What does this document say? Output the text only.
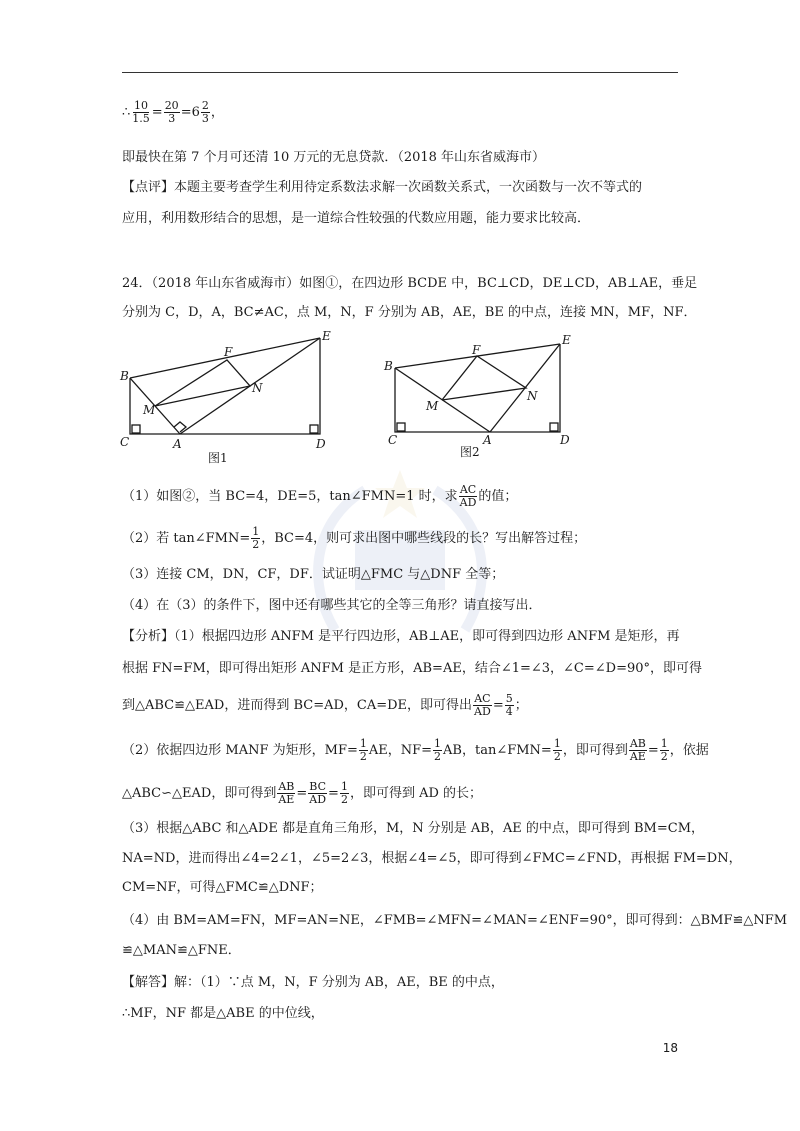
∴ $\frac{10}{1.5} = \frac{20}{3} =6 \frac{2}{3}$ ，
即最快在第 7 个月可还清 10 万元的无息贷款．（2018 年山东省威海市）
【点评】本题主要考查学生利用待定系数法求解一次函数关系式，一次函数与一次不等式的
应用，利用数形结合的思想，是一道综合性较强的代数应用题，能力要求比较高．
24．（2018 年山东省威海市）如图①，在四边形 BCDE 中，BC⊥CD，DE⊥CD，AB⊥AE，垂足
分别为 C，D，A，BC≠AC，点 M，N，F 分别为 AB，AE，BE 的中点，连接 MN，MF，NF．
B
C	A	D
E
F
M
N
图1
B
C	A	D
E
F
M
N
图2
（1）如图②，当 BC=4，DE=5，tan∠FMN=1 时，求 $\frac{AC}{AD}$ 的值；
（2）若 tan∠FMN= $\frac{1}{2}$ ，BC=4，则可求出图中哪些线段的长？写出解答过程；
（3）连接 CM，DN，CF，DF．试证明△FMC 与△DNF 全等；
（4）在（3）的条件下，图中还有哪些其它的全等三角形？请直接写出．
【分析】（1）根据四边形 ANFM 是平行四边形，AB⊥AE，即可得到四边形 ANFM 是矩形，再
根据 FN=FM，即可得出矩形 ANFM 是正方形，AB=AE，结合∠1=∠3，∠C=∠D=90°，即可得
到△ABC≌△EAD，进而得到 BC=AD，CA=DE，即可得出 $\frac{AC}{AD} = \frac{5}{4}$ ；
（2）依据四边形 MANF 为矩形，$MF= \frac{1}{2}$ AE，$NF= \frac{1}{2}$ AB，tan∠FMN= $\frac{1}{2}$ ，即可得到 $\frac{AB}{AE} = \frac{1}{2}$ ，依据
△ABC∽△EAD，即可得到 $\frac{AB}{AE} = \frac{BC}{AD} = \frac{1}{2}$ ，即可得到 AD 的长；
（3）根据△ABC 和△ADE 都是直角三角形，M，N 分别是 AB，AE 的中点，即可得到 BM=CM，
NA=ND，进而得出∠4=2∠1，∠5=2∠3，根据∠4=∠5，即可得到∠FMC=∠FND，再根据 FM=DN，
CM=NF，可得△FMC≌△DNF；
（4）由 BM=AM=FN，MF=AN=NE，∠FMB=∠MFN=∠MAN=∠ENF=90°，即可得到：△BMF≌△NFM
≌△MAN≌△FNE．
【解答】解：（1）∵点 M，N，F 分别为 AB，AE，BE 的中点，
∴MF，NF 都是△ABE 的中位线，
18
